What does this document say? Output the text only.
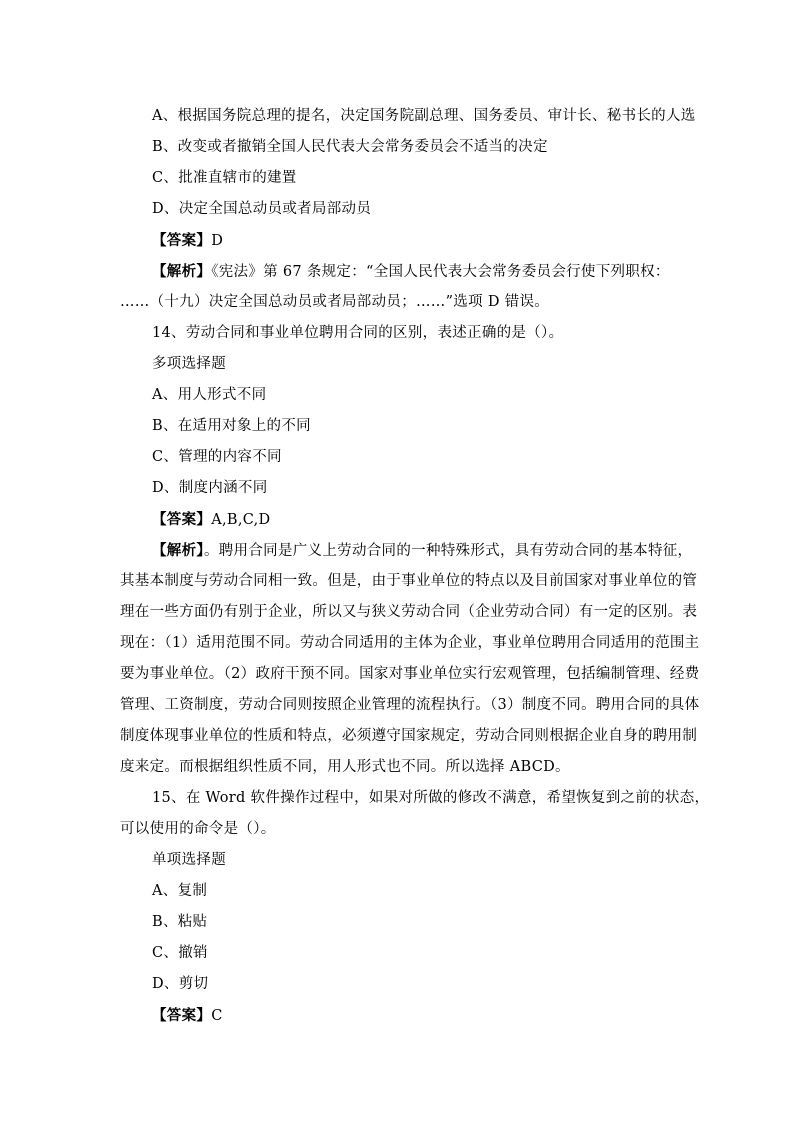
A、根据国务院总理的提名，决定国务院副总理、国务委员、审计长、秘书长的人选
B、改变或者撤销全国人民代表大会常务委员会不适当的决定
C、批准直辖市的建置
D、决定全国总动员或者局部动员
【答案】D
【解析】《宪法》第 67 条规定：“全国人民代表大会常务委员会行使下列职权：
……（十九）决定全国总动员或者局部动员；……”选项 D 错误。
14、劳动合同和事业单位聘用合同的区别，表述正确的是（）。
多项选择题
A、用人形式不同
B、在适用对象上的不同
C、管理的内容不同
D、制度内涵不同
【答案】A,B,C,D
【解析】。聘用合同是广义上劳动合同的一种特殊形式，具有劳动合同的基本特征，
其基本制度与劳动合同相一致。但是，由于事业单位的特点以及目前国家对事业单位的管
理在一些方面仍有别于企业，所以又与狭义劳动合同（企业劳动合同）有一定的区别。表
现在：（1）适用范围不同。劳动合同适用的主体为企业，事业单位聘用合同适用的范围主
要为事业单位。（2）政府干预不同。国家对事业单位实行宏观管理，包括编制管理、经费
管理、工资制度，劳动合同则按照企业管理的流程执行。（3）制度不同。聘用合同的具体
制度体现事业单位的性质和特点，必须遵守国家规定，劳动合同则根据企业自身的聘用制
度来定。而根据组织性质不同，用人形式也不同。所以选择 ABCD。
15、在 Word 软件操作过程中，如果对所做的修改不满意，希望恢复到之前的状态，
可以使用的命令是（）。
单项选择题
A、复制
B、粘贴
C、撤销
D、剪切
【答案】C
